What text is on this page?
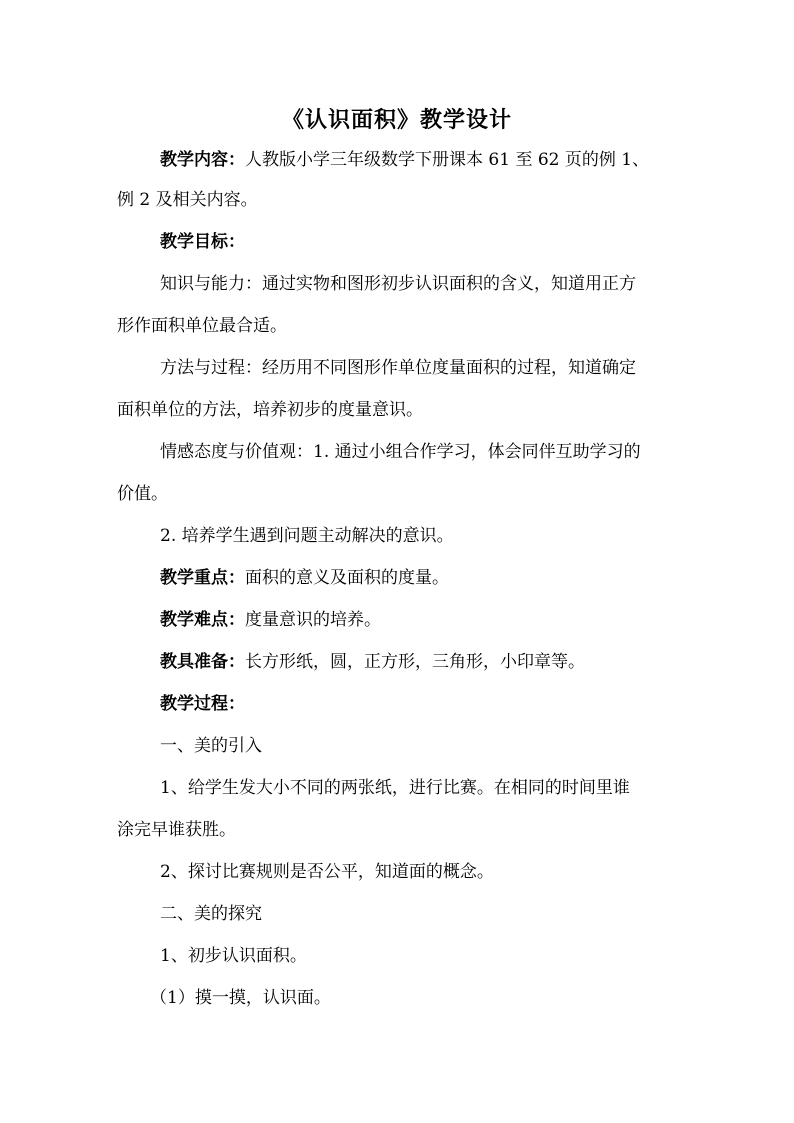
《认识面积》教学设计
教学内容：人教版小学三年级数学下册课本 61 至 62 页的例 1、
例 2 及相关内容。
教学目标：
知识与能力：通过实物和图形初步认识面积的含义，知道用正方
形作面积单位最合适。
方法与过程：经历用不同图形作单位度量面积的过程，知道确定
面积单位的方法，培养初步的度量意识。
情感态度与价值观：1. 通过小组合作学习，体会同伴互助学习的
价值。
2. 培养学生遇到问题主动解决的意识。
教学重点：面积的意义及面积的度量。
教学难点：度量意识的培养。
教具准备：长方形纸，圆，正方形，三角形，小印章等。
教学过程：
一、美的引入
1、给学生发大小不同的两张纸，进行比赛。在相同的时间里谁
涂完早谁获胜。
2、探讨比赛规则是否公平，知道面的概念。
二、美的探究
1、初步认识面积。
（1）摸一摸，认识面。
